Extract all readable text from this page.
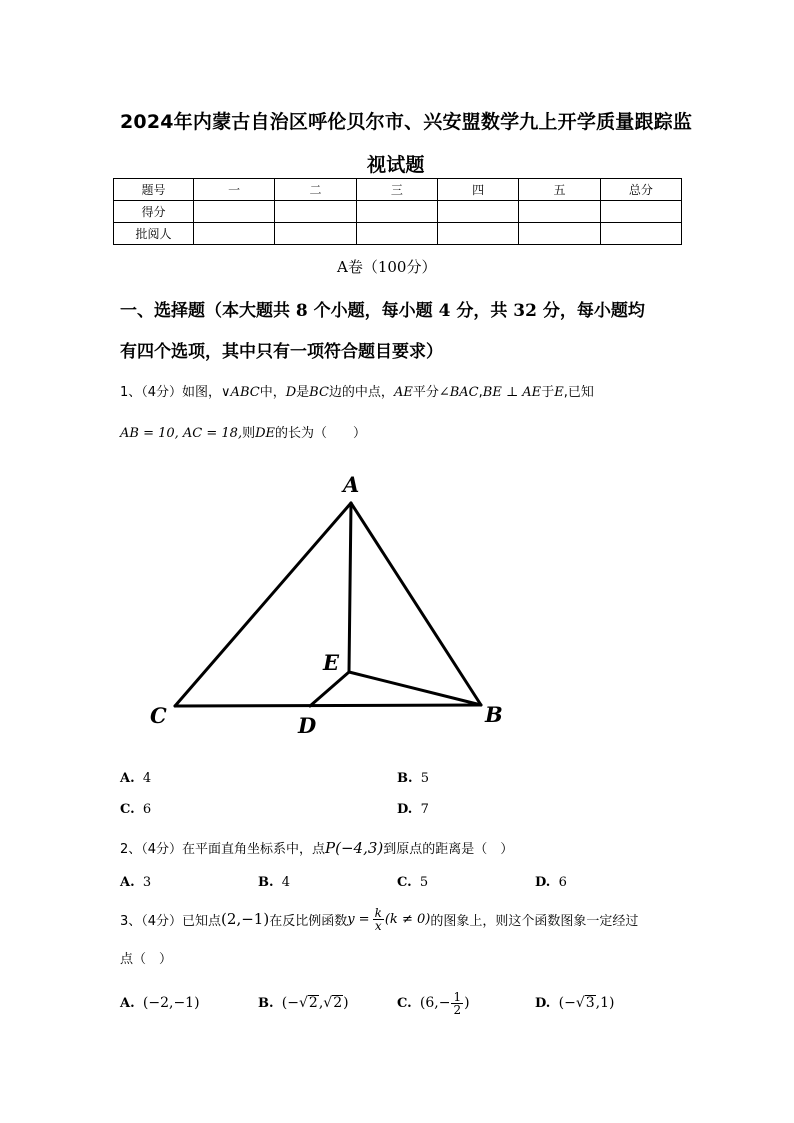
2024年内蒙古自治区呼伦贝尔市、兴安盟数学九上开学质量跟踪监
视试题
题号	一	二	三	四	五	总分
得分						
批阅人						
A卷（100分）
一、选择题（本大题共 8 个小题，每小题 4 分，共 32 分，每小题均
有四个选项，其中只有一项符合题目要求）
1、（4分）如图，∨ABC中，D是BC边的中点，AE平分∠BAC,BE ⊥ AE于E,已知
AB = 10, AC = 18,则DE的长为（　　）
A
E
C	D	B
A. 4	B. 5
C. 6	D. 7
2、（4分）在平面直角坐标系中，点P(−4,3)到原点的距离是（　）
A. 3	B. 4	C. 5	D. 6
3、（4分）已知点 (2,−1) 在反比例函数 $y = \frac{k}{x} (k \ne 0)$ 的图象上，则这个函数图象一定经过
点（　）
A.
(−2,−1)	B.
(−√2,√2)	C.
($6,- \frac{1}{2}$ )	D.
(−√3,1)
